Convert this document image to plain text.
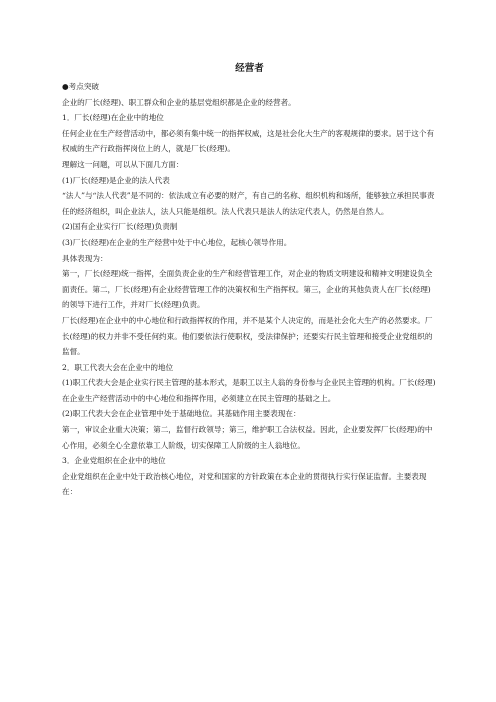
经营者

●考点突破

企业的厂长(经理)、职工群众和企业的基层党组织都是企业的经营者。

1．厂长(经理)在企业中的地位

任何企业在生产经营活动中，都必须有集中统一的指挥权威，这是社会化大生产的客观规律的要求。居于这个有权威的生产行政指挥岗位上的人，就是厂长(经理)。

理解这一问题，可以从下面几方面：

(1)厂长(经理)是企业的法人代表

“法人”与“法人代表”是不同的：依法成立有必要的财产，有自己的名称、组织机构和场所，能够独立承担民事责任的经济组织，叫企业法人，法人只能是组织。法人代表只是法人的法定代表人，仍然是自然人。

(2)国有企业实行厂长(经理)负责制

(3)厂长(经理)在企业的生产经营中处于中心地位，起核心领导作用。

具体表现为：

第一，厂长(经理)统一指挥，全面负责企业的生产和经营管理工作，对企业的物质文明建设和精神文明建设负全面责任。第二，厂长(经理)有企业经营管理工作的决策权和生产指挥权。第三，企业的其他负责人在厂长(经理)的领导下进行工作，并对厂长(经理)负责。

厂长(经理)在企业中的中心地位和行政指挥权的作用，并不是某个人决定的，而是社会化大生产的必然要求。厂长(经理)的权力并非不受任何约束。他们要依法行使职权，受法律保护；还要实行民主管理和接受企业党组织的监督。

2．职工代表大会在企业中的地位

(1)职工代表大会是企业实行民主管理的基本形式，是职工以主人翁的身份参与企业民主管理的机构。厂长(经理)在企业生产经营活动中的中心地位和指挥作用，必须建立在民主管理的基础之上。

(2)职工代表大会在企业管理中处于基础地位。其基础作用主要表现在：

第一，审议企业重大决策；第二，监督行政领导；第三，维护职工合法权益。因此，企业要发挥厂长(经理)的中心作用，必须全心全意依靠工人阶级，切实保障工人阶级的主人翁地位。

3．企业党组织在企业中的地位

企业党组织在企业中处于政治核心地位，对党和国家的方针政策在本企业的贯彻执行实行保证监督。主要表现在：
